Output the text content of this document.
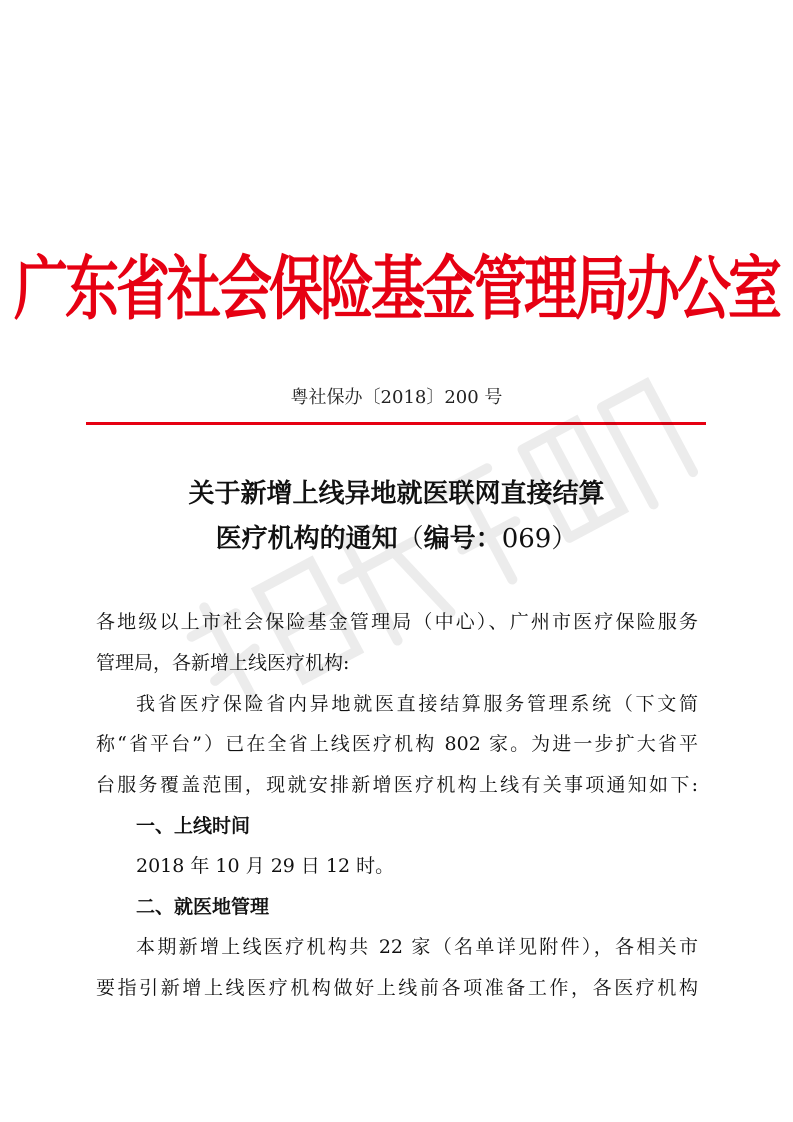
广东省社会保险基金管理局办公室
粤社保办〔2018〕200 号
关于新增上线异地就医联网直接结算
医疗机构的通知（编号：069）
各地级以上市社会保险基金管理局（中心）、广州市医疗保险服务
管理局，各新增上线医疗机构:
我省医疗保险省内异地就医直接结算服务管理系统（下文简
称“省平台”）已在全省上线医疗机构 802 家。为进一步扩大省平
台服务覆盖范围，现就安排新增医疗机构上线有关事项通知如下:
一、上线时间
2018 年 10 月 29 日 12 时。
二、就医地管理
本期新增上线医疗机构共 22 家（名单详见附件），各相关市
要指引新增上线医疗机构做好上线前各项准备工作，各医疗机构
